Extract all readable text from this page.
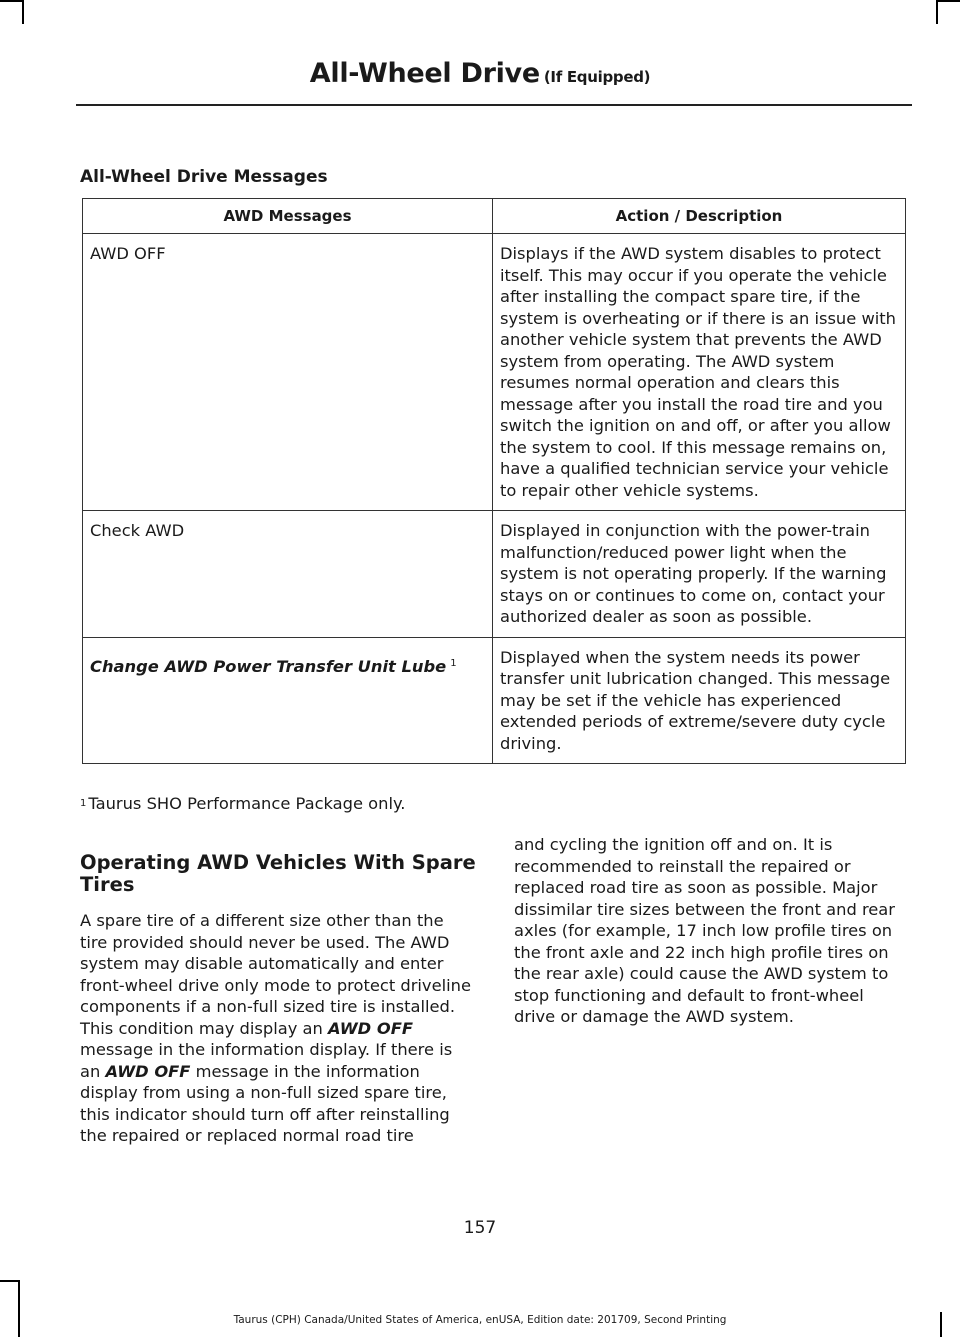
All-Wheel Drive (If Equipped)
All-Wheel Drive Messages
AWD Messages	Action / Description
AWD OFF	Displays if the AWD system disables to protect itself. This may occur if you operate the vehicle after installing the compact spare tire, if the system is overheating or if there is an issue with another vehicle system that prevents the AWD system from operating. The AWD system resumes normal operation and clears this message after you install the road tire and you switch the ignition on and off, or after you allow the system to cool. If this message remains on, have a qualified technician service your vehicle to repair other vehicle systems.
Check AWD	Displayed in conjunction with the power-train malfunction/reduced power light when the system is not operating properly. If the warning stays on or continues to come on, contact your authorized dealer as soon as possible.
Change AWD Power Transfer Unit Lube $^1$	Displayed when the system needs its power transfer unit lubrication changed. This message may be set if the vehicle has experienced extended periods of extreme/severe duty cycle driving.
$^1$ Taurus SHO Performance Package only.
Operating AWD Vehicles With Spare Tires

A spare tire of a different size other than the tire provided should never be used. The AWD system may disable automatically and enter front-wheel drive only mode to protect driveline components if a non-full sized tire is installed. This condition may display an AWD OFF message in the information display. If there is an AWD OFF message in the information display from using a non-full sized spare tire, this indicator should turn off after reinstalling the repaired or replaced normal road tire

and cycling the ignition off and on. It is recommended to reinstall the repaired or replaced road tire as soon as possible. Major dissimilar tire sizes between the front and rear axles (for example, 17 inch low profile tires on the front axle and 22 inch high profile tires on the rear axle) could cause the AWD system to stop functioning and default to front-wheel drive or damage the AWD system.

157
Taurus (CPH) Canada/United States of America, enUSA, Edition date: 201709, Second Printing
